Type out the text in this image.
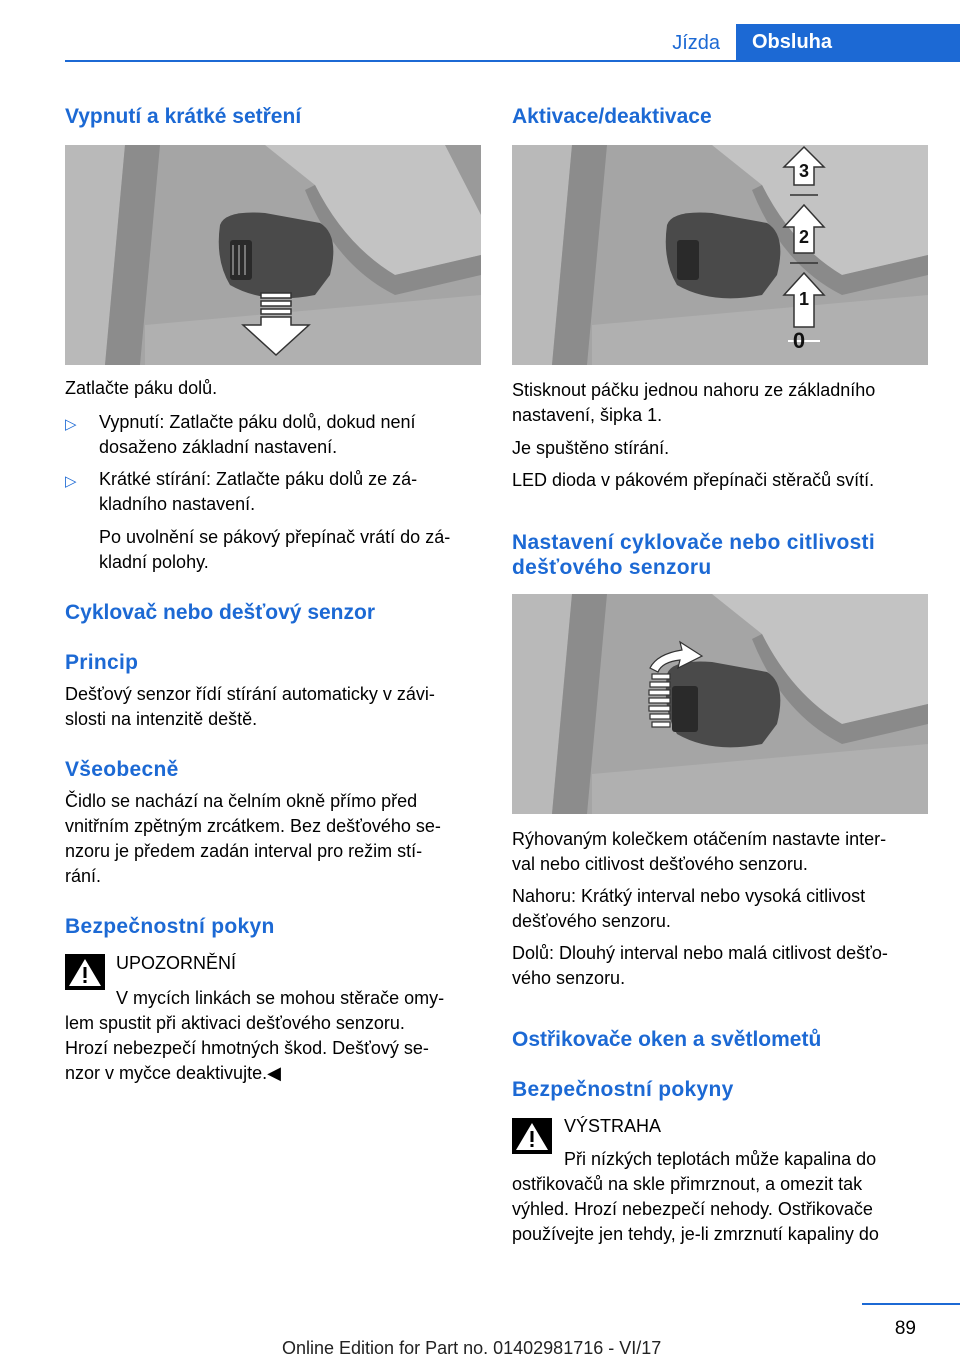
Jízda	Obsluha
Vypnutí a krátké setření
Zatlačte páku dolů.
▷ Vypnutí: Zatlačte páku dolů, dokud není
dosaženo základní nastavení.
▷ Krátké stírání: Zatlačte páku dolů ze zá‐
kladního nastavení.
Po uvolnění se pákový přepínač vrátí do zá‐
kladní polohy.
Cyklovač nebo dešťový senzor
Princip
Dešťový senzor řídí stírání automaticky v závi‐
slosti na intenzitě deště.
Všeobecně
Čidlo se nachází na čelním okně přímo před
vnitřním zpětným zrcátkem. Bez dešťového se‐
nzoru je předem zadán interval pro režim stí‐
rání.
Bezpečnostní pokyn
UPOZORNĚNÍ
V mycích linkách se mohou stěrače omy‐
lem spustit při aktivaci dešťového senzoru.
Hrozí nebezpečí hmotných škod. Dešťový se‐
nzor v myčce deaktivujte.◀
Aktivace/deaktivace
3
2
1
0
Stisknout páčku jednou nahoru ze základního
nastavení, šipka 1.
Je spuštěno stírání.
LED dioda v pákovém přepínači stěračů svítí.
Nastavení cyklovače nebo citlivosti
dešťového senzoru
Rýhovaným kolečkem otáčením nastavte inter‐
val nebo citlivost dešťového senzoru.
Nahoru: Krátký interval nebo vysoká citlivost
dešťového senzoru.
Dolů: Dlouhý interval nebo malá citlivost dešťo‐
vého senzoru.
Ostřikovače oken a světlometů
Bezpečnostní pokyny
VÝSTRAHA
Při nízkých teplotách může kapalina do
ostřikovačů na skle přimrznout, a omezit tak
výhled. Hrozí nebezpečí nehody. Ostřikovače
používejte jen tehdy, je-li zmrznutí kapaliny do
89
Online Edition for Part no. 01402981716 - VI/17
